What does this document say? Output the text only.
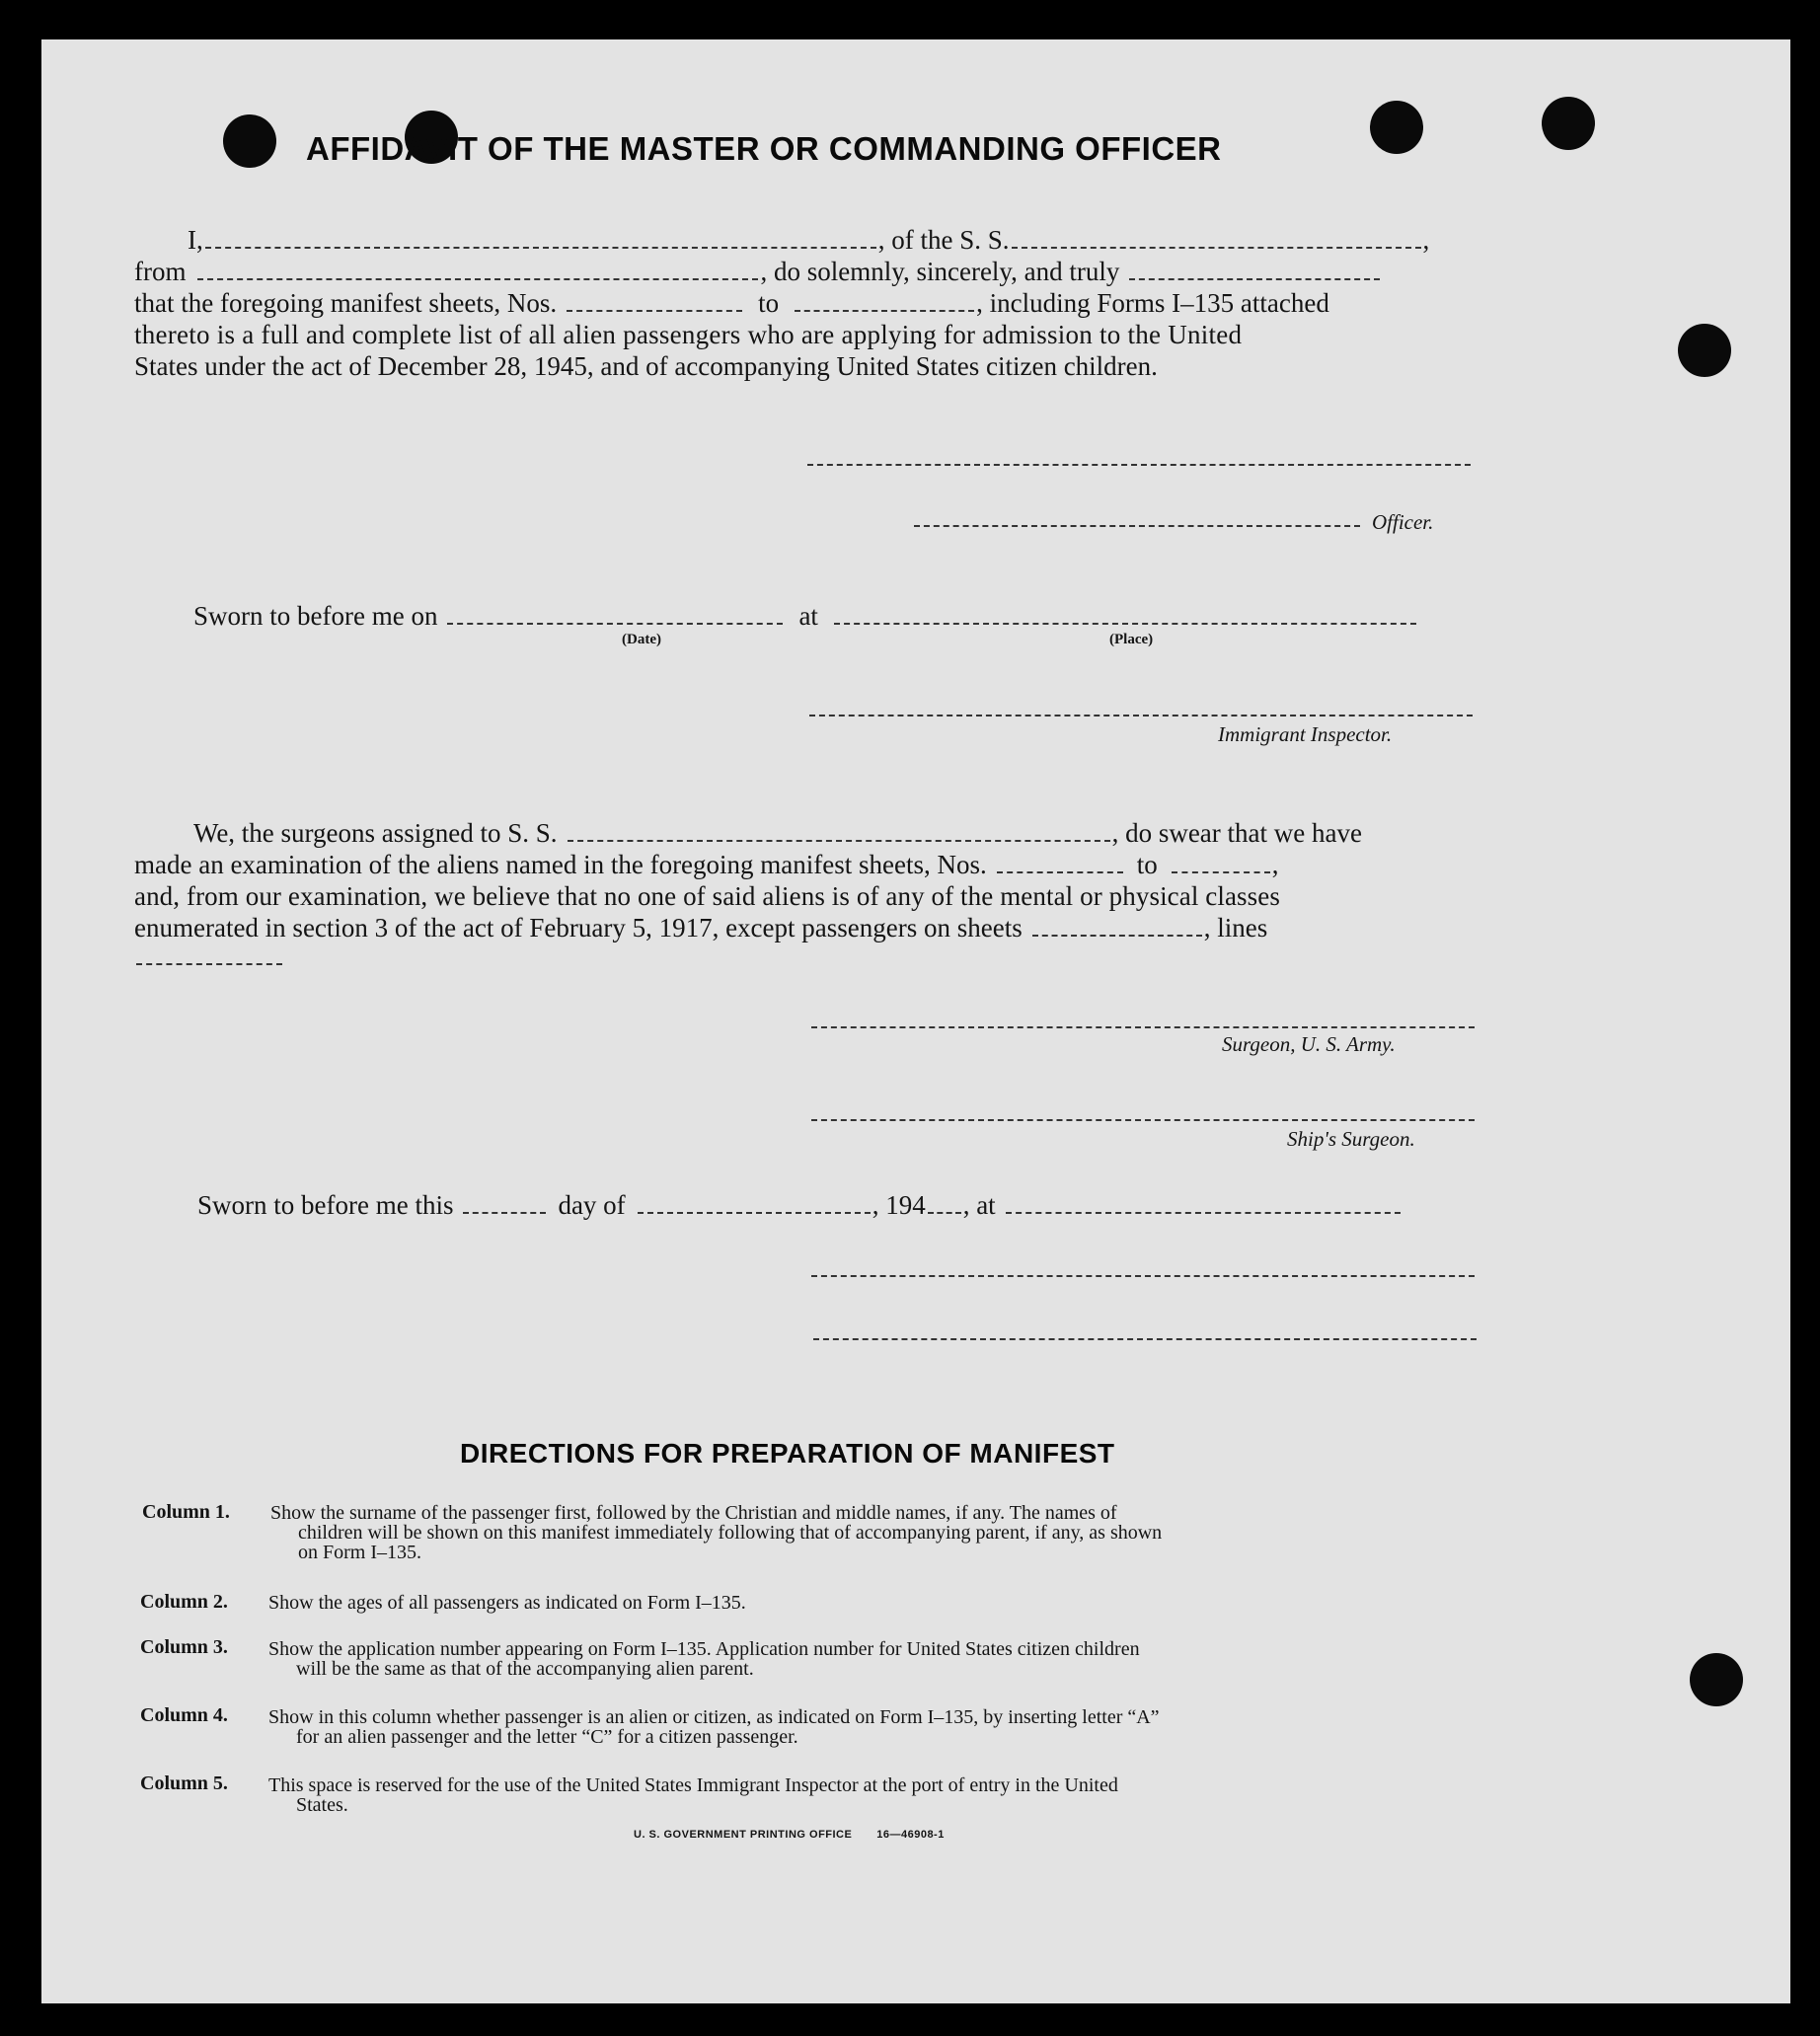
AFFIDAVIT OF THE MASTER OR COMMANDING OFFICER
I,	, of the S. S.	,
from	, do solemnly, sincerely, and truly
that the foregoing manifest sheets, Nos.	to	, including Forms I–135 attached
thereto is a full and complete list of all alien passengers who are applying for admission to the United
States under the act of December 28, 1945, and of accompanying United States citizen children.
Officer.
Sworn to before me on	at
(Date)	(Place)
Immigrant Inspector.
We, the surgeons assigned to S. S.	, do swear that we have
made an examination of the aliens named in the foregoing manifest sheets, Nos.	to	,
and, from our examination, we believe that no one of said aliens is of any of the mental or physical classes
enumerated in section 3 of the act of February 5, 1917, except passengers on sheets	, lines
Surgeon, U. S. Army.
Ship's Surgeon.
Sworn to before me this	day of	, 194 , at
DIRECTIONS FOR PREPARATION OF MANIFEST
Column 1. Show the surname of the passenger first, followed by the Christian and middle names, if any. The names of
children will be shown on this manifest immediately following that of accompanying parent, if any, as shown
on Form I–135.
Column 2. Show the ages of all passengers as indicated on Form I–135.
Column 3. Show the application number appearing on Form I–135. Application number for United States citizen children
will be the same as that of the accompanying alien parent.
Column 4. Show in this column whether passenger is an alien or citizen, as indicated on Form I–135, by inserting letter “A”
for an alien passenger and the letter “C” for a citizen passenger.
Column 5. This space is reserved for the use of the United States Immigrant Inspector at the port of entry in the United
States.
U. S. GOVERNMENT PRINTING OFFICE       16—46908-1
